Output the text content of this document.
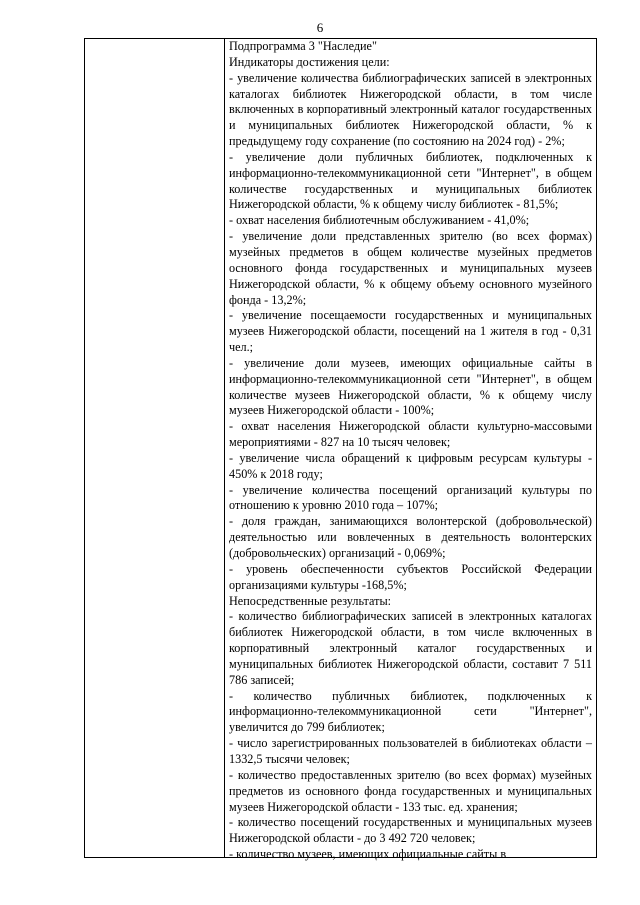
6

Подпрограмма 3 "Наследие"

Индикаторы достижения цели:

- увеличение количества библиографических записей в электронных каталогах библиотек Нижегородской области, в том числе включенных в корпоративный электронный каталог государственных и муниципальных библиотек Нижегородской области, % к предыдущему году сохранение (по состоянию на 2024 год) - 2%;

- увеличение доли публичных библиотек, подключенных к информационно-телекоммуникационной сети "Интернет", в общем количестве государственных и муниципальных библиотек Нижегородской области, % к общему числу библиотек - 81,5%;

- охват населения библиотечным обслуживанием - 41,0%;

- увеличение доли представленных зрителю (во всех формах) музейных предметов в общем количестве музейных предметов основного фонда государственных и муниципальных музеев Нижегородской области, % к общему объему основного музейного фонда - 13,2%;

- увеличение посещаемости государственных и муниципальных музеев Нижегородской области, посещений на 1 жителя в год - 0,31 чел.;

- увеличение доли музеев, имеющих официальные сайты в информационно-телекоммуникационной сети "Интернет", в общем количестве музеев Нижегородской области, % к общему числу музеев Нижегородской области - 100%;

- охват населения Нижегородской области культурно-массовыми мероприятиями - 827 на 10 тысяч человек;

- увеличение числа обращений к цифровым ресурсам культуры - 450% к 2018 году;

- увеличение количества посещений организаций культуры по отношению к уровню 2010 года – 107%;

- доля граждан, занимающихся волонтерской (добровольческой) деятельностью или вовлеченных в деятельность волонтерских (добровольческих) организаций - 0,069%;

- уровень обеспеченности субъектов Российской Федерации организациями культуры -168,5%;

Непосредственные результаты:

- количество библиографических записей в электронных каталогах библиотек Нижегородской области, в том числе включенных в корпоративный электронный каталог государственных и муниципальных библиотек Нижегородской области, составит 7 511 786 записей;

- количество публичных библиотек, подключенных к информационно-телекоммуникационной сети "Интернет", увеличится до 799 библиотек;

- число зарегистрированных пользователей в библиотеках области – 1332,5 тысячи человек;

- количество предоставленных зрителю (во всех формах) музейных предметов из основного фонда государственных и муниципальных музеев Нижегородской области - 133 тыс. ед. хранения;

- количество посещений государственных и муниципальных музеев Нижегородской области - до 3 492 720 человек;

- количество музеев, имеющих официальные сайты в
